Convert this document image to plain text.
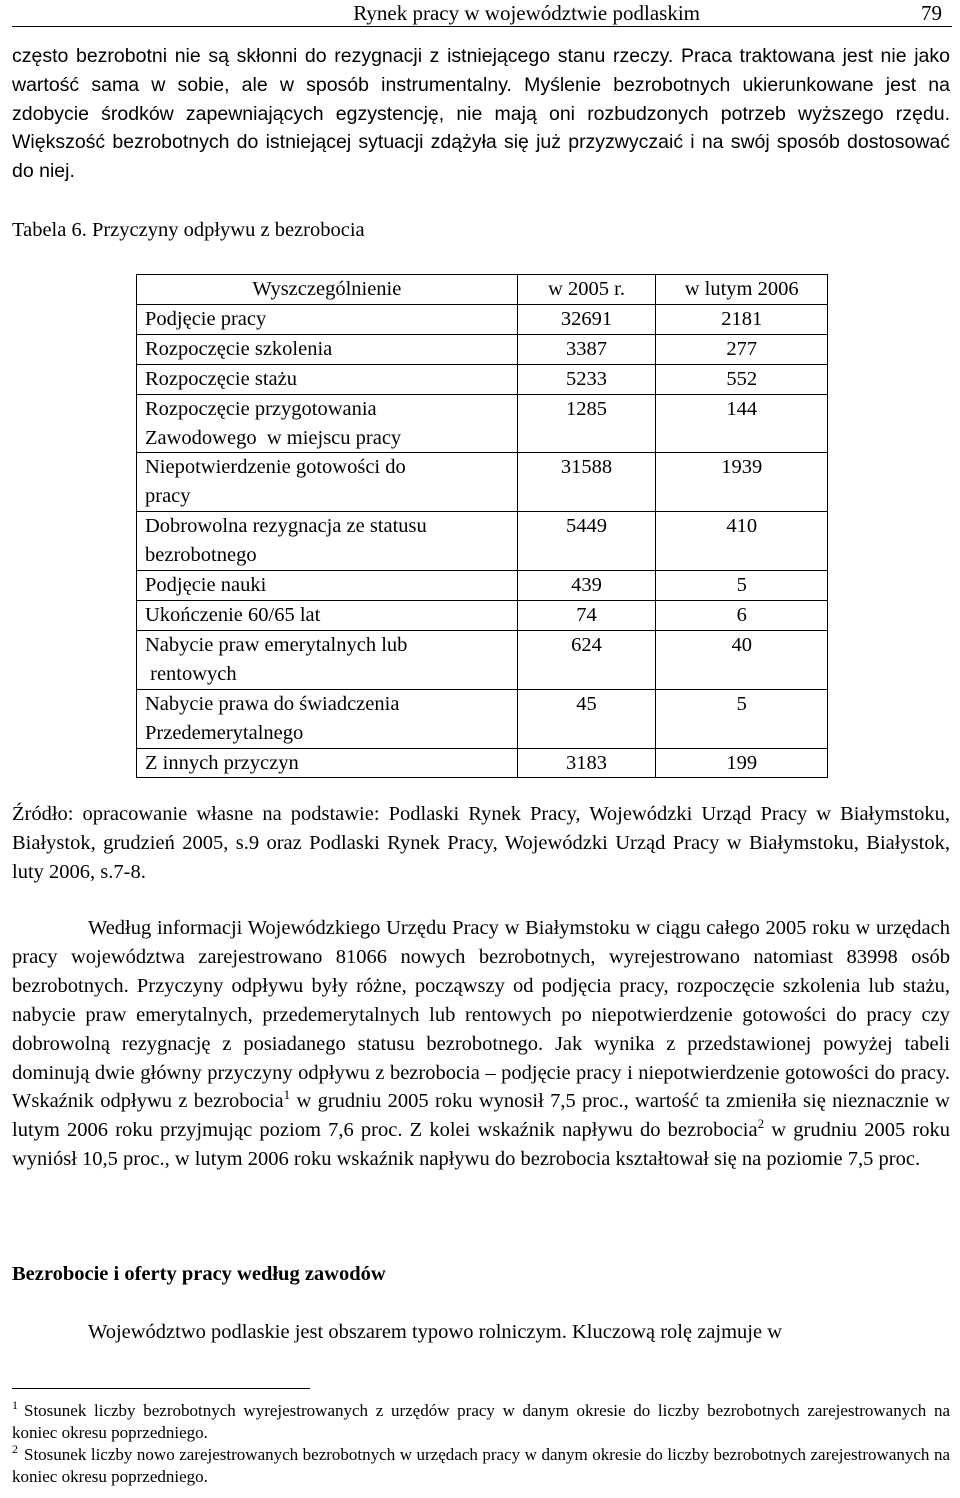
Rynek pracy w województwie podlaskim	79

często bezrobotni nie są skłonni do rezygnacji z istniejącego stanu rzeczy. Praca traktowana jest nie jako wartość sama w sobie, ale w sposób instrumentalny. Myślenie bezrobotnych ukierunkowane jest na zdobycie środków zapewniających egzystencję, nie mają oni rozbudzonych potrzeb wyższego rzędu. Większość bezrobotnych do istniejącej sytuacji zdążyła się już przyzwyczaić i na swój sposób dostosować do niej.

Tabela 6. Przyczyny odpływu z bezrobocia
Wyszczególnienie	w 2005 r.	w lutym 2006

Podjęcie pracy	32691	2181

Rozpoczęcie szkolenia	3387	277

Rozpoczęcie stażu	5233	552

Rozpoczęcie przygotowania
Zawodowego  w miejscu pracy	1285	144

Niepotwierdzenie gotowości do
pracy	31588	1939

Dobrowolna rezygnacja ze statusu
bezrobotnego	5449	410

Podjęcie nauki	439	5

Ukończenie 60/65 lat	74	6

Nabycie praw emerytalnych lub
rentowych	624	40

Nabycie prawa do świadczenia
Przedemerytalnego	45	5

Z innych przyczyn	3183	199

Źródło: opracowanie własne na podstawie: Podlaski Rynek Pracy, Wojewódzki Urząd Pracy w Białymstoku, Białystok, grudzień 2005, s.9 oraz Podlaski Rynek Pracy, Wojewódzki Urząd Pracy w Białymstoku, Białystok, luty 2006, s.7-8.

Według informacji Wojewódzkiego Urzędu Pracy w Białymstoku w ciągu całego 2005 roku w urzędach pracy województwa zarejestrowano 81066 nowych bezrobotnych, wyrejestrowano natomiast 83998 osób bezrobotnych. Przyczyny odpływu były różne, począwszy od podjęcia pracy, rozpoczęcie szkolenia lub stażu, nabycie praw emerytalnych, przedemerytalnych lub rentowych po niepotwierdzenie gotowości do pracy czy dobrowolną rezygnację z posiadanego statusu bezrobotnego. Jak wynika z przedstawionej powyżej tabeli dominują dwie główny przyczyny odpływu z bezrobocia – podjęcie pracy i niepotwierdzenie gotowości do pracy. Wskaźnik odpływu z bezrobocia$^1$ w grudniu 2005 roku wynosił 7,5 proc., wartość ta zmieniła się nieznacznie w lutym 2006 roku przyjmując poziom 7,6 proc. Z kolei wskaźnik napływu do bezrobocia$^2$ w grudniu 2005 roku wyniósł 10,5 proc., w lutym 2006 roku wskaźnik napływu do bezrobocia kształtował się na poziomie 7,5 proc.

Bezrobocie i oferty pracy według zawodów

Województwo podlaskie jest obszarem typowo rolniczym. Kluczową rolę zajmuje w

$^1$ Stosunek liczby bezrobotnych wyrejestrowanych z urzędów pracy w danym okresie do liczby bezrobotnych zarejestrowanych na koniec okresu poprzedniego.

$^2$ Stosunek liczby nowo zarejestrowanych bezrobotnych w urzędach pracy w danym okresie do liczby bezrobotnych zarejestrowanych na koniec okresu poprzedniego.
